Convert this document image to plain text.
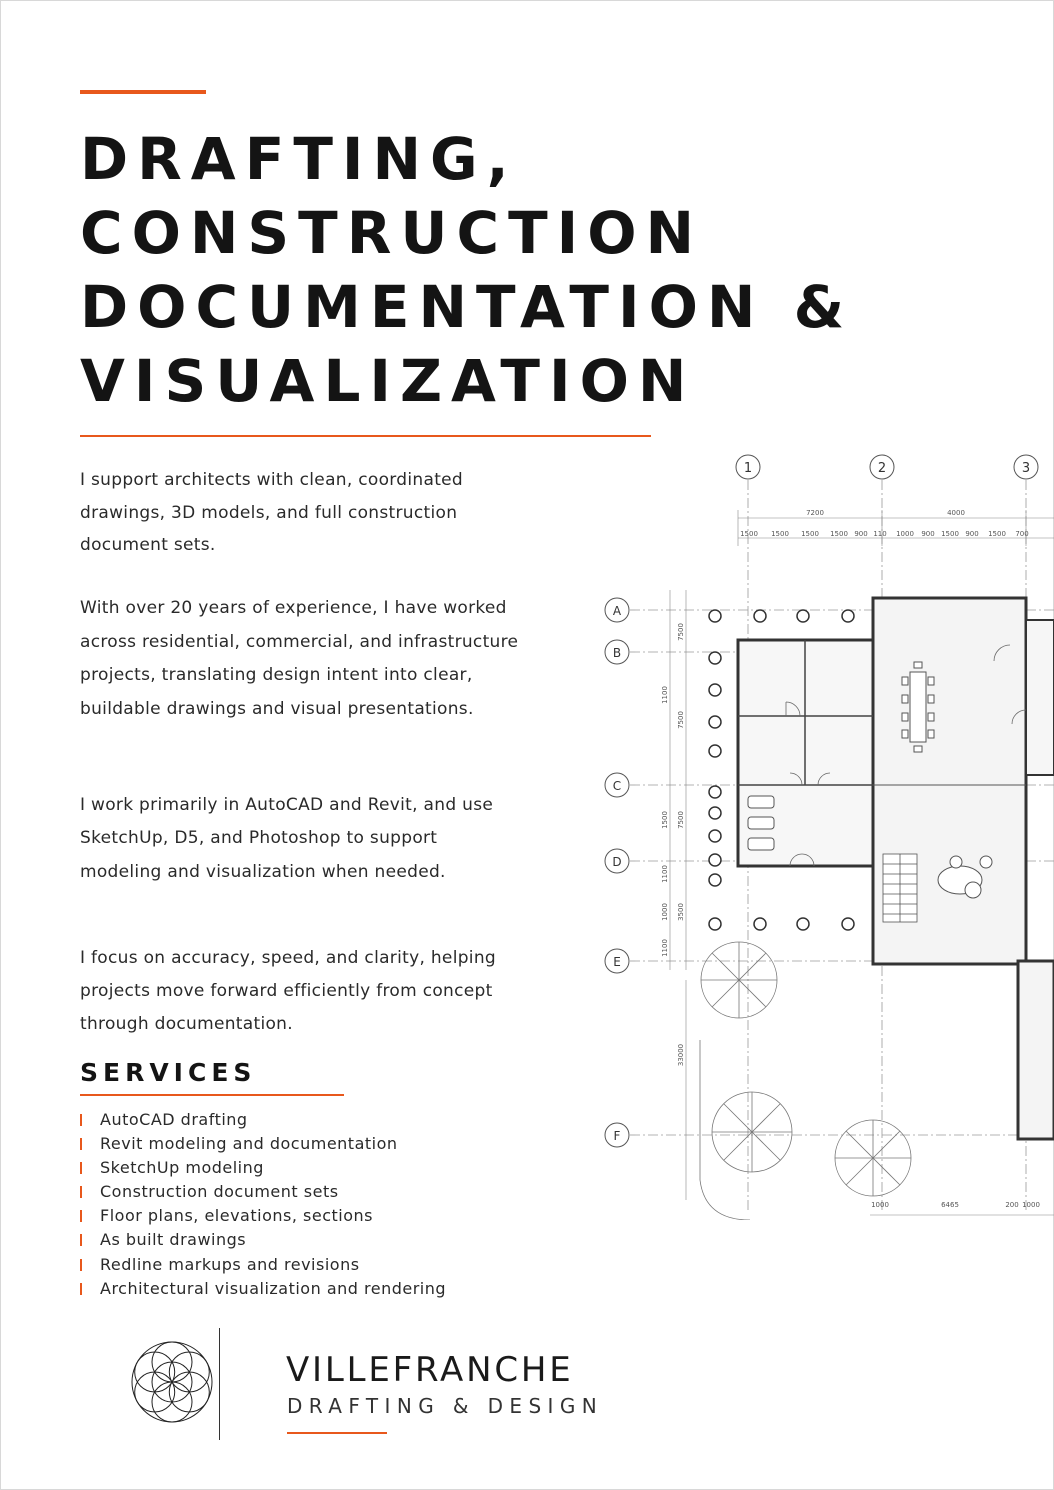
DRAFTING,
CONSTRUCTION
DOCUMENTATION &
VISUALIZATION

I support architects with clean, coordinated drawings, 3D models, and full construction document sets.

With over 20 years of experience, I have worked across residential, commercial, and infrastructure projects, translating design intent into clear, buildable drawings and visual presentations.

I work primarily in AutoCAD and Revit, and use SketchUp, D5, and Photoshop to support modeling and visualization when needed.

I focus on accuracy, speed, and clarity, helping projects move forward efficiently from concept through documentation.

SERVICES
AutoCAD drafting
Revit modeling and documentation
SketchUp modeling
Construction document sets
Floor plans, elevations, sections
As built drawings
Redline markups and revisions
Architectural visualization and rendering
VILLEFRANCHE
DRAFTING & DESIGN
1	2	3
A
B
C
D
E
F
7200	4000
1500 1500 1500 1500 900 110 1000 900 1500 900 1500 700
7500
1100
7500
1500 7500
1100
1000 3500
1100
33000
1000	6465	200 1000
